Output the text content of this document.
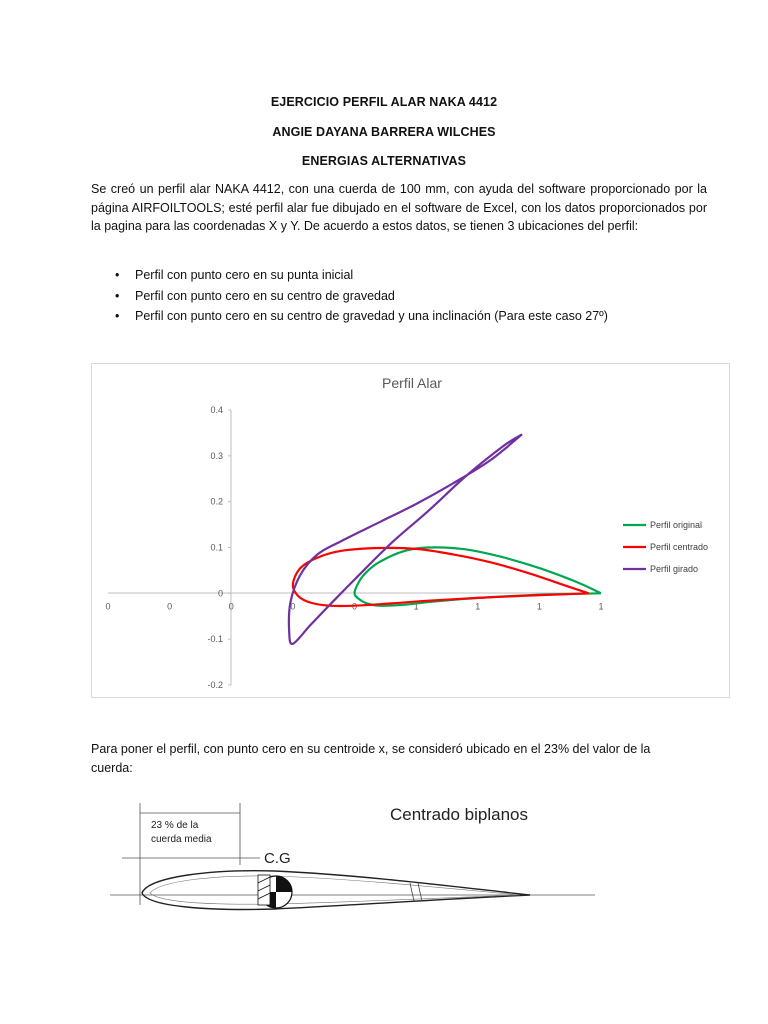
EJERCICIO PERFIL ALAR NAKA 4412
ANGIE DAYANA BARRERA WILCHES
ENERGIAS ALTERNATIVAS

Se creó un perfil alar NAKA 4412, con una cuerda de 100 mm, con ayuda del software proporcionado por la página AIRFOILTOOLS; esté perfil alar fue dibujado en el software de Excel, con los datos proporcionados por la pagina para las coordenadas X y Y. De acuerdo a estos datos, se tienen 3 ubicaciones del perfil:

• Perfil con punto cero en su punta inicial
• Perfil con punto cero en su centro de gravedad
• Perfil con punto cero en su centro de gravedad y una inclinación (Para este caso 27º)
Perfil Alar
0.4
0.3
0.2
0.1
0
-0.1
-0.2
0	0	0	0	0	1	1	1	1
Perfil original
Perfil centrado
Perfil girado

Para poner el perfil, con punto cero en su centroide x, se consideró ubicado en el 23% del valor de la cuerda:

Centrado biplanos
23 % de la
cuerda media
C.G
